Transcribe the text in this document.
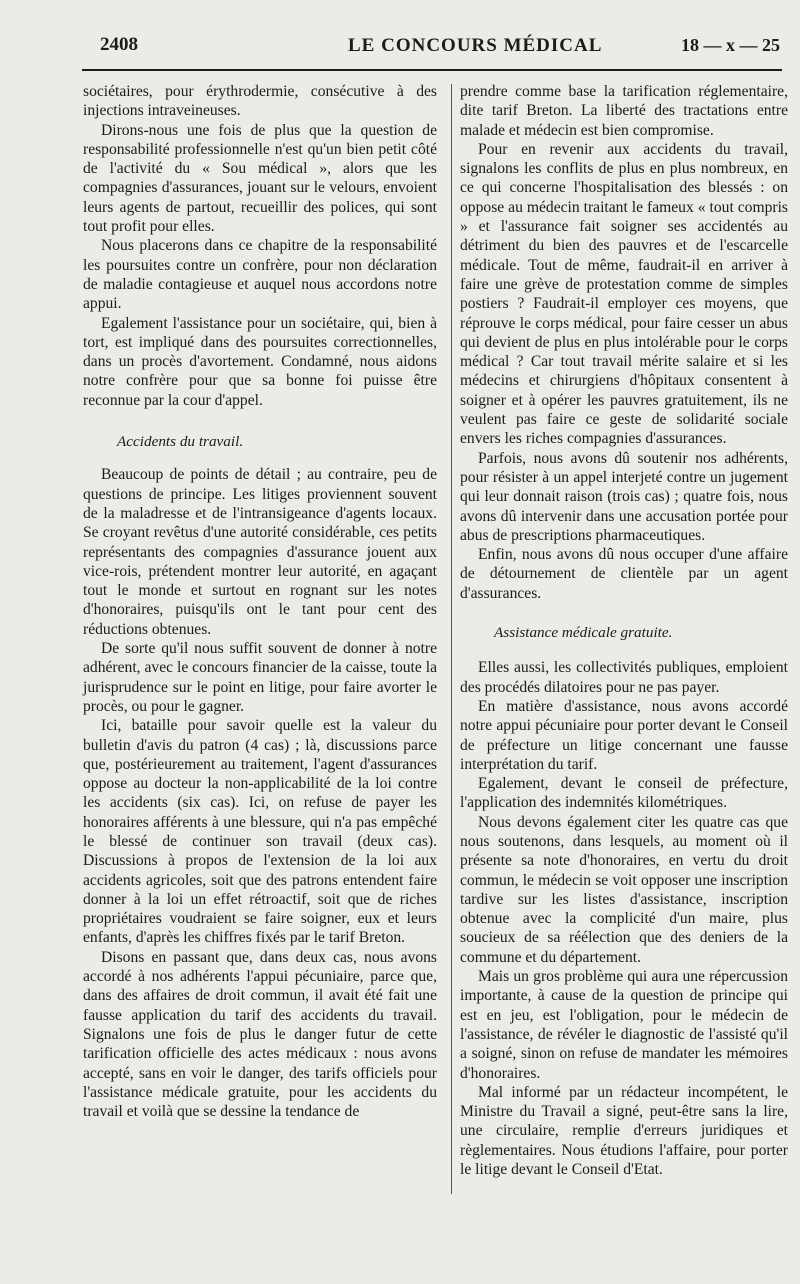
2408	LE CONCOURS MÉDICAL	18 — x — 25

sociétaires, pour érythrodermie, consécutive à des injections intraveineuses.

Dirons-nous une fois de plus que la question de responsabilité professionnelle n'est qu'un bien petit côté de l'activité du « Sou médical », alors que les compagnies d'assurances, jouant sur le velours, envoient leurs agents de partout, recueillir des polices, qui sont tout profit pour elles.

Nous placerons dans ce chapitre de la responsabilité les poursuites contre un confrère, pour non déclaration de maladie contagieuse et auquel nous accordons notre appui.

Egalement l'assistance pour un sociétaire, qui, bien à tort, est impliqué dans des poursuites correctionnelles, dans un procès d'avortement. Condamné, nous aidons notre confrère pour que sa bonne foi puisse être reconnue par la cour d'appel.

Accidents du travail.

Beaucoup de points de détail ; au contraire, peu de questions de principe. Les litiges proviennent souvent de la maladresse et de l'intransigeance d'agents locaux. Se croyant revêtus d'une autorité considérable, ces petits représentants des compagnies d'assurance jouent aux vice-rois, prétendent montrer leur autorité, en agaçant tout le monde et surtout en rognant sur les notes d'honoraires, puisqu'ils ont le tant pour cent des réductions obtenues.

De sorte qu'il nous suffit souvent de donner à notre adhérent, avec le concours financier de la caisse, toute la jurisprudence sur le point en litige, pour faire avorter le procès, ou pour le gagner.

Ici, bataille pour savoir quelle est la valeur du bulletin d'avis du patron (4 cas) ; là, discussions parce que, postérieurement au traitement, l'agent d'assurances oppose au docteur la non-applicabilité de la loi contre les accidents (six cas). Ici, on refuse de payer les honoraires afférents à une blessure, qui n'a pas empêché le blessé de continuer son travail (deux cas). Discussions à propos de l'extension de la loi aux accidents agricoles, soit que des patrons entendent faire donner à la loi un effet rétroactif, soit que de riches propriétaires voudraient se faire soigner, eux et leurs enfants, d'après les chiffres fixés par le tarif Breton.

Disons en passant que, dans deux cas, nous avons accordé à nos adhérents l'appui pécuniaire, parce que, dans des affaires de droit commun, il avait été fait une fausse application du tarif des accidents du travail. Signalons une fois de plus le danger futur de cette tarification officielle des actes médicaux : nous avons accepté, sans en voir le danger, des tarifs officiels pour l'assistance médicale gratuite, pour les accidents du travail et voilà que se dessine la tendance de

prendre comme base la tarification réglementaire, dite tarif Breton. La liberté des tractations entre malade et médecin est bien compromise.

Pour en revenir aux accidents du travail, signalons les conflits de plus en plus nombreux, en ce qui concerne l'hospitalisation des blessés : on oppose au médecin traitant le fameux « tout compris » et l'assurance fait soigner ses accidentés au détriment du bien des pauvres et de l'escarcelle médicale. Tout de même, faudrait-il en arriver à faire une grève de protestation comme de simples postiers ? Faudrait-il employer ces moyens, que réprouve le corps médical, pour faire cesser un abus qui devient de plus en plus intolérable pour le corps médical ? Car tout travail mérite salaire et si les médecins et chirurgiens d'hôpitaux consentent à soigner et à opérer les pauvres gratuitement, ils ne veulent pas faire ce geste de solidarité sociale envers les riches compagnies d'assurances.

Parfois, nous avons dû soutenir nos adhérents, pour résister à un appel interjeté contre un jugement qui leur donnait raison (trois cas) ; quatre fois, nous avons dû intervenir dans une accusation portée pour abus de prescriptions pharmaceutiques.

Enfin, nous avons dû nous occuper d'une affaire de détournement de clientèle par un agent d'assurances.

Assistance médicale gratuite.

Elles aussi, les collectivités publiques, emploient des procédés dilatoires pour ne pas payer.

En matière d'assistance, nous avons accordé notre appui pécuniaire pour porter devant le Conseil de préfecture un litige concernant une fausse interprétation du tarif.

Egalement, devant le conseil de préfecture, l'application des indemnités kilométriques.

Nous devons également citer les quatre cas que nous soutenons, dans lesquels, au moment où il présente sa note d'honoraires, en vertu du droit commun, le médecin se voit opposer une inscription tardive sur les listes d'assistance, inscription obtenue avec la complicité d'un maire, plus soucieux de sa réélection que des deniers de la commune et du département.

Mais un gros problème qui aura une répercussion importante, à cause de la question de principe qui est en jeu, est l'obligation, pour le médecin de l'assistance, de révéler le diagnostic de l'assisté qu'il a soigné, sinon on refuse de mandater les mémoires d'honoraires.

Mal informé par un rédacteur incompétent, le Ministre du Travail a signé, peut-être sans la lire, une circulaire, remplie d'erreurs juridiques et règlementaires. Nous étudions l'affaire, pour porter le litige devant le Conseil d'Etat.
